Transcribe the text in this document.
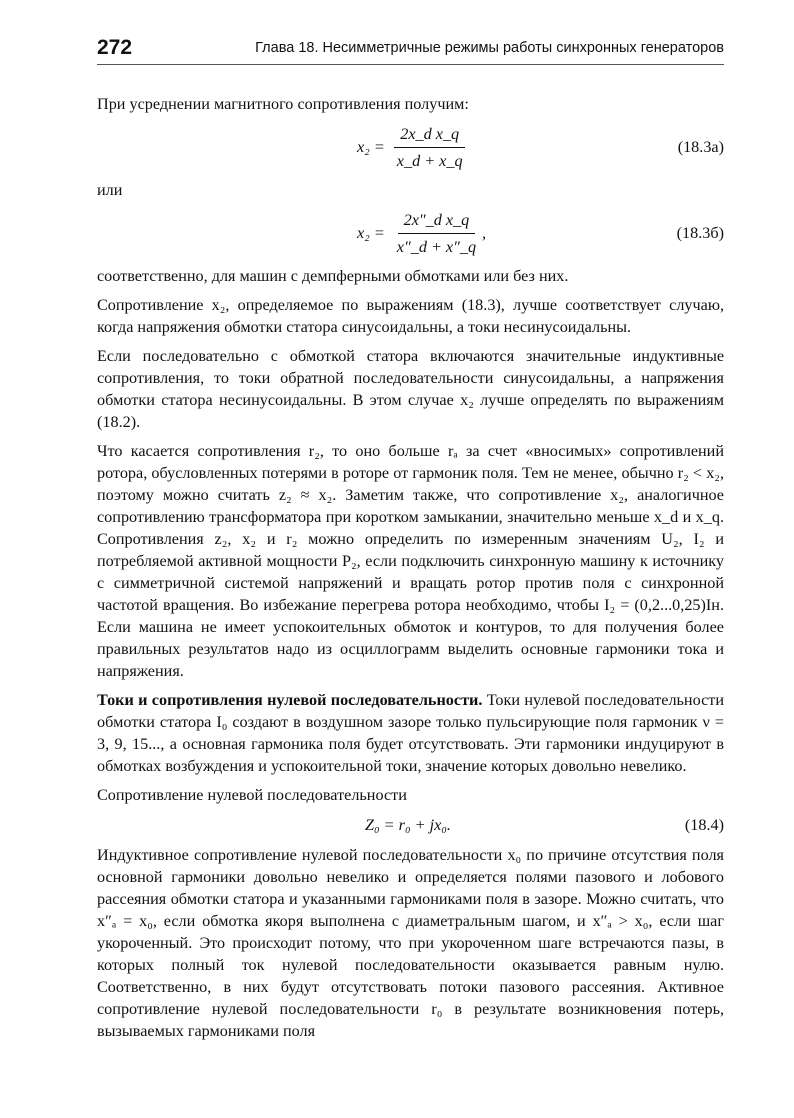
272	Глава 18. Несимметричные режимы работы синхронных генераторов

При усреднении магнитного сопротивления получим:

$x_2 = \frac{\text{2x\_d x\_q}}{x\_d + x\_q}$	(18.3а)

или

$x_2 = \frac{\text{2x″\_d x\_q}}{x''\_d + x''\_q}$ ,	(18.3б)

соответственно, для машин с демпферными обмотками или без них.

Сопротивление x₂, определяемое по выражениям (18.3), лучше соответствует случаю, когда напряжения обмотки статора синусоидальны, а токи несинусоидальны.

Если последовательно с обмоткой статора включаются значительные индуктивные сопротивления, то токи обратной последовательности синусоидальны, а напряжения обмотки статора несинусоидальны. В этом случае x₂ лучше определять по выражениям (18.2).

Что касается сопротивления r₂, то оно больше rₐ за счет «вносимых» сопротивлений ротора, обусловленных потерями в роторе от гармоник поля. Тем не менее, обычно r₂ < x₂, поэтому можно считать z₂ ≈ x₂. Заметим также, что сопротивление x₂, аналогичное сопротивлению трансформатора при коротком замыкании, значительно меньше x_d и x_q. Сопротивления z₂, x₂ и r₂ можно определить по измеренным значениям U₂, I₂ и потребляемой активной мощности P₂, если подключить синхронную машину к источнику с симметричной системой напряжений и вращать ротор против поля с синхронной частотой вращения. Во избежание перегрева ротора необходимо, чтобы I₂ = (0,2...0,25)Iн. Если машина не имеет успокоительных обмоток и контуров, то для получения более правильных результатов надо из осциллограмм выделить основные гармоники тока и напряжения.

Токи и сопротивления нулевой последовательности. Токи нулевой последовательности обмотки статора I₀ создают в воздушном зазоре только пульсирующие поля гармоник ν = 3, 9, 15..., а основная гармоника поля будет отсутствовать. Эти гармоники индуцируют в обмотках возбуждения и успокоительной токи, значение которых довольно невелико.

Сопротивление нулевой последовательности

Z₀ = r₀ + jx₀.	(18.4)

Индуктивное сопротивление нулевой последовательности x₀ по причине отсутствия поля основной гармоники довольно невелико и определяется полями пазового и лобового рассеяния обмотки статора и указанными гармониками поля в зазоре. Можно считать, что x″ₐ = x₀, если обмотка якоря выполнена с диаметральным шагом, и x″ₐ > x₀, если шаг укороченный. Это происходит потому, что при укороченном шаге встречаются пазы, в которых полный ток нулевой последовательности оказывается равным нулю. Соответственно, в них будут отсутствовать потоки пазового рассеяния. Активное сопротивление нулевой последовательности r₀ в результате возникновения потерь, вызываемых гармониками поля
